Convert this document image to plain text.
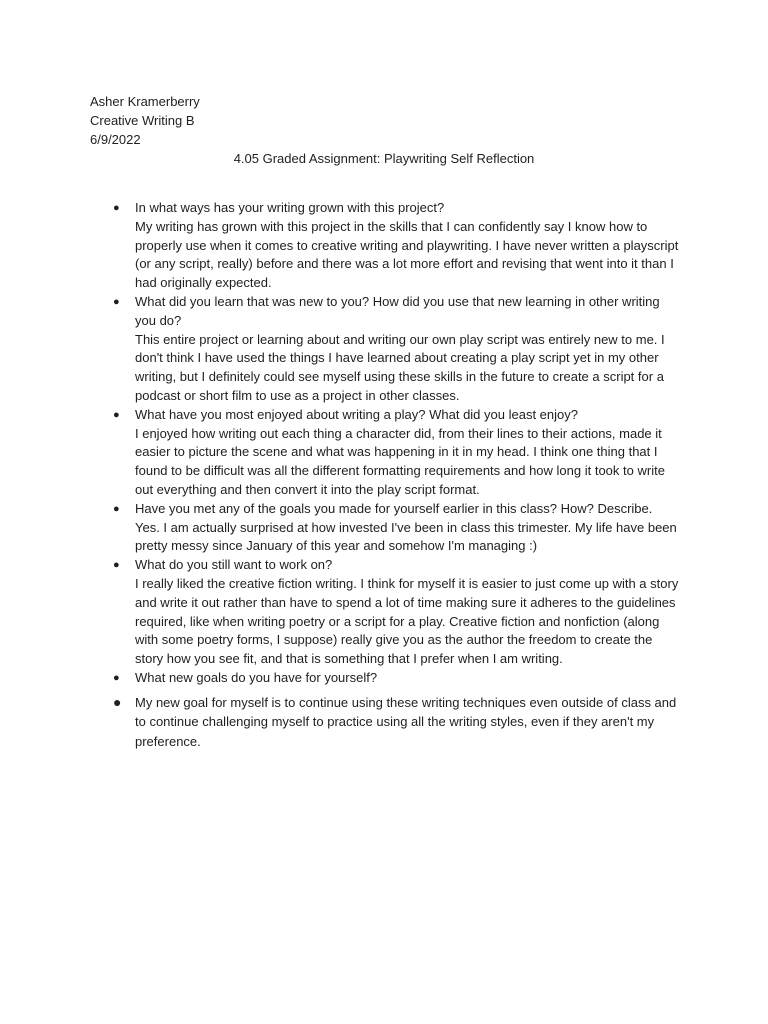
Asher Kramerberry
Creative Writing B
6/9/2022
4.05 Graded Assignment: Playwriting Self Reflection
● In what ways has your writing grown with this project?
My writing has grown with this project in the skills that I can confidently say I know how to properly use when it comes to creative writing and playwriting. I have never written a playscript (or any script, really) before and there was a lot more effort and revising that went into it than I had originally expected.
● What did you learn that was new to you? How did you use that new learning in other writing you do?
This entire project or learning about and writing our own play script was entirely new to me. I don't think I have used the things I have learned about creating a play script yet in my other writing, but I definitely could see myself using these skills in the future to create a script for a podcast or short film to use as a project in other classes.
● What have you most enjoyed about writing a play? What did you least enjoy?
I enjoyed how writing out each thing a character did, from their lines to their actions, made it easier to picture the scene and what was happening in it in my head. I think one thing that I found to be difficult was all the different formatting requirements and how long it took to write out everything and then convert it into the play script format.
● Have you met any of the goals you made for yourself earlier in this class? How? Describe.
Yes. I am actually surprised at how invested I've been in class this trimester. My life have been pretty messy since January of this year and somehow I'm managing :)
● What do you still want to work on?
I really liked the creative fiction writing. I think for myself it is easier to just come up with a story and write it out rather than have to spend a lot of time making sure it adheres to the guidelines required, like when writing poetry or a script for a play. Creative fiction and nonfiction (along with some poetry forms, I suppose) really give you as the author the freedom to create the story how you see fit, and that is something that I prefer when I am writing.
● What new goals do you have for yourself?
● My new goal for myself is to continue using these writing techniques even outside of class and to continue challenging myself to practice using all the writing styles, even if they aren't my preference.
